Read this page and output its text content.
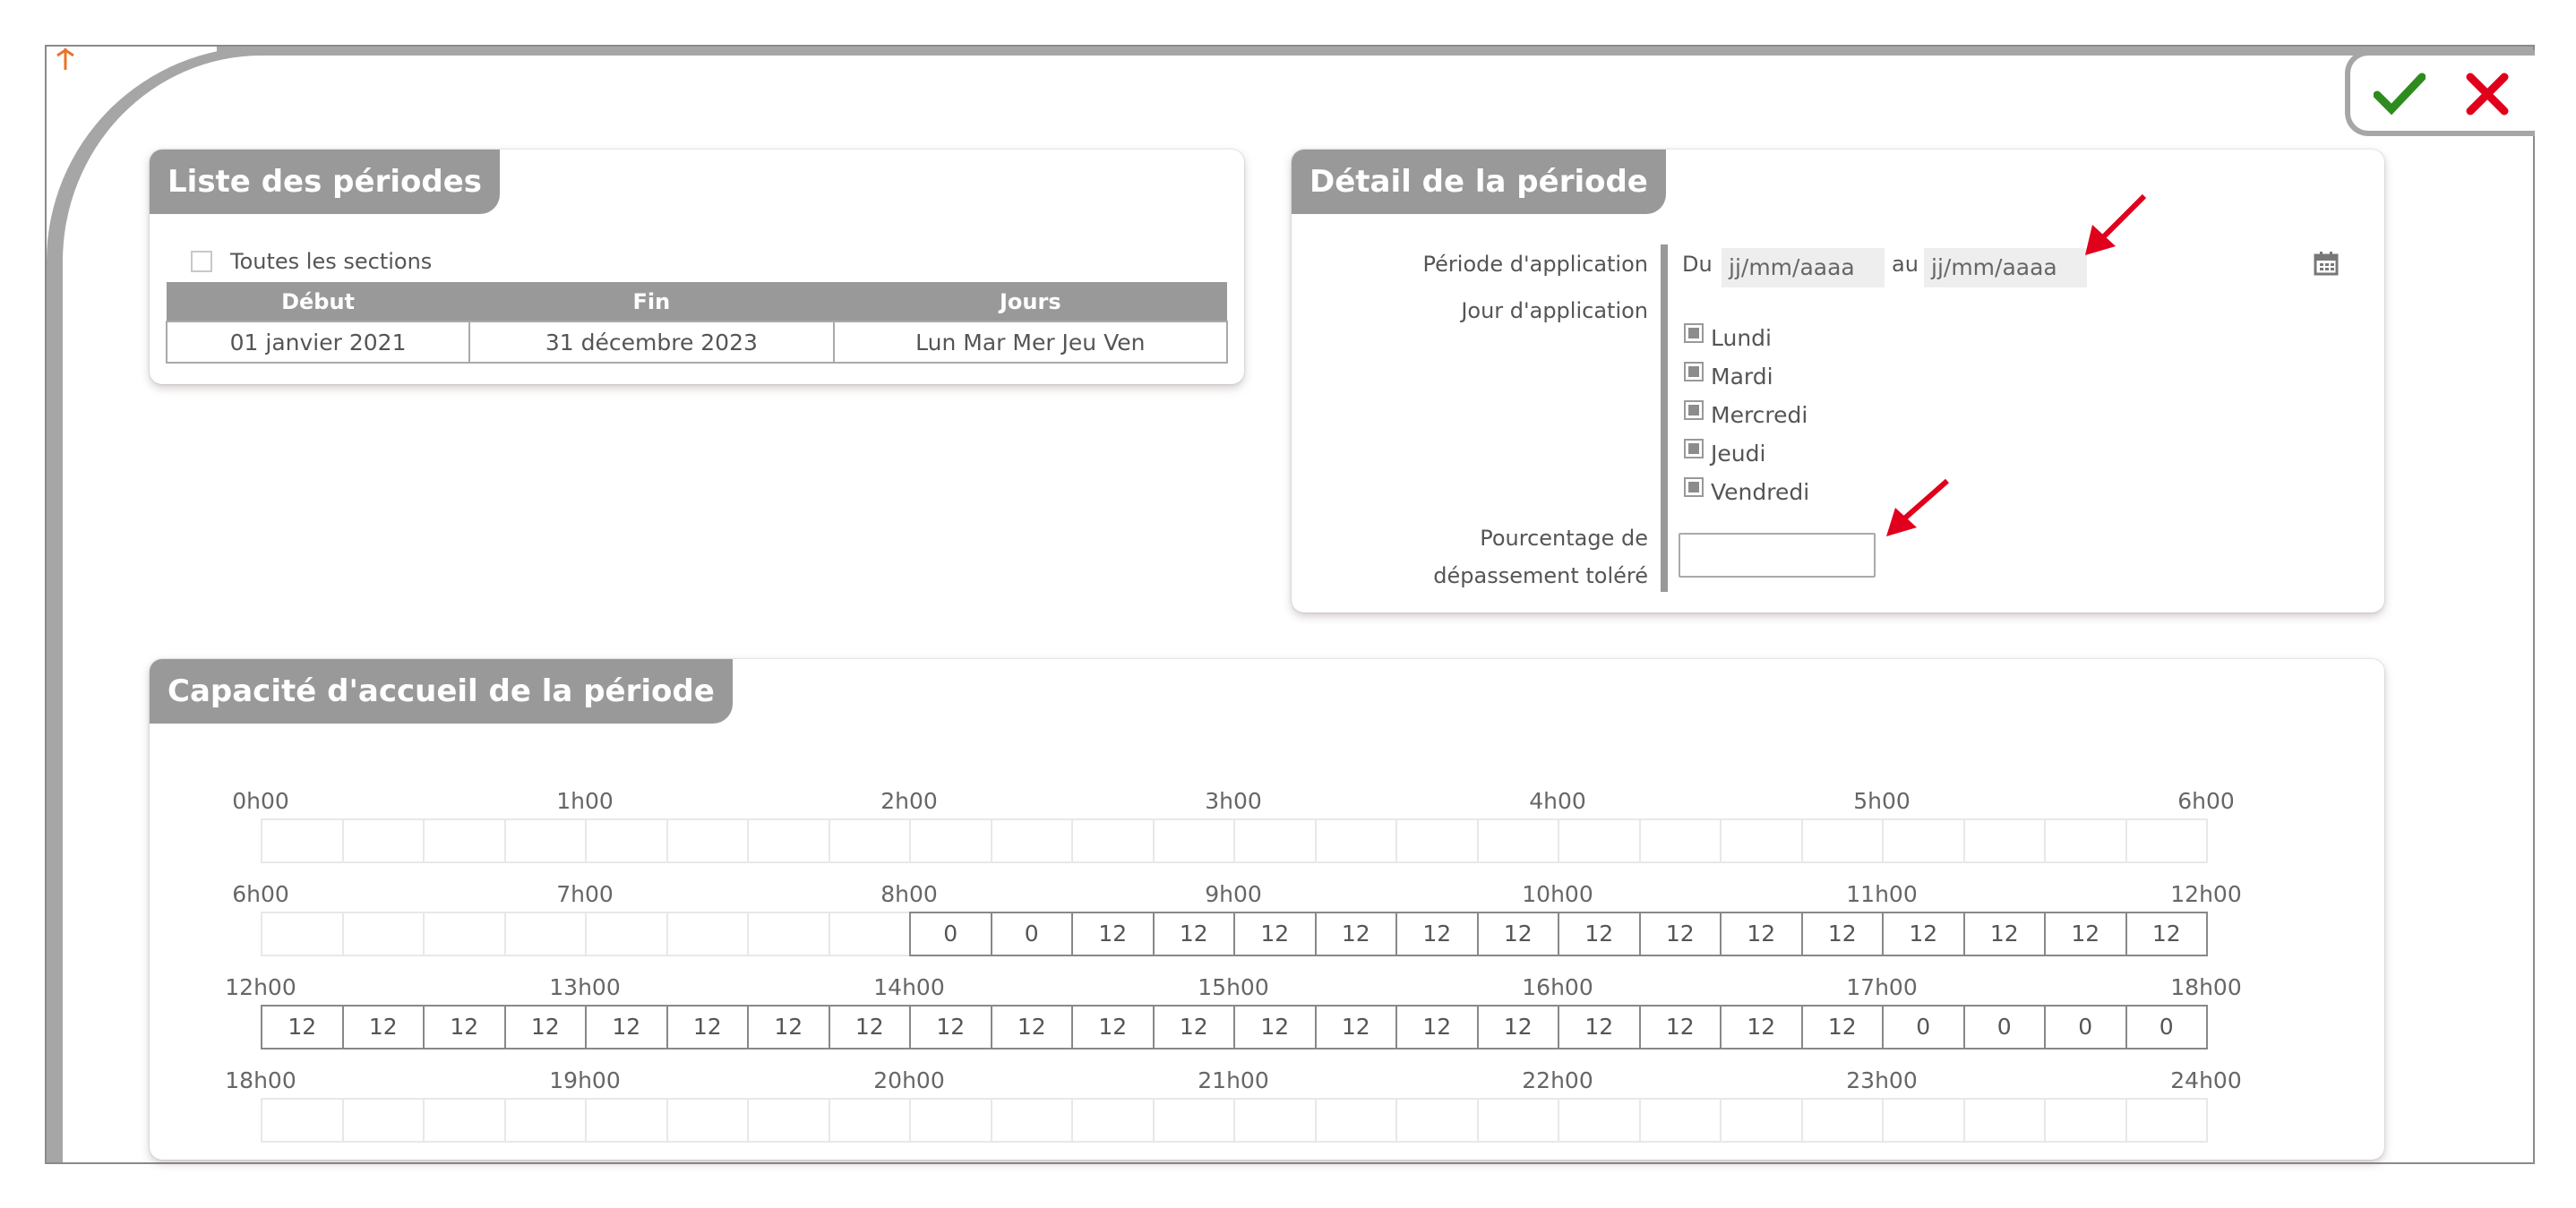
Liste des périodes
Toutes les sections
Début	Fin	Jours
01 janvier 2021	31 décembre 2023	Lun Mar Mer Jeu Ven
Détail de la période
Période d'application
Jour d'application
Du jj/mm/aaaa	au jj/mm/aaaa
Lundi
Mardi
Mercredi
Jeudi
Vendredi
Pourcentage de
dépassement toléré
Capacité d'accueil de la période
0h00	1h00	2h00	3h00	4h00	5h00	6h00
6h00	7h00	8h00	9h00	10h00	11h00	12h00
0	0	12	12	12	12	12	12	12	12	12	12	12	12	12	12
12h00	13h00	14h00	15h00	16h00	17h00	18h00
12	12	12	12	12	12	12	12	12	12	12	12	12	12	12	12	12	12	12	12	0	0	0	0
18h00	19h00	20h00	21h00	22h00	23h00	24h00
